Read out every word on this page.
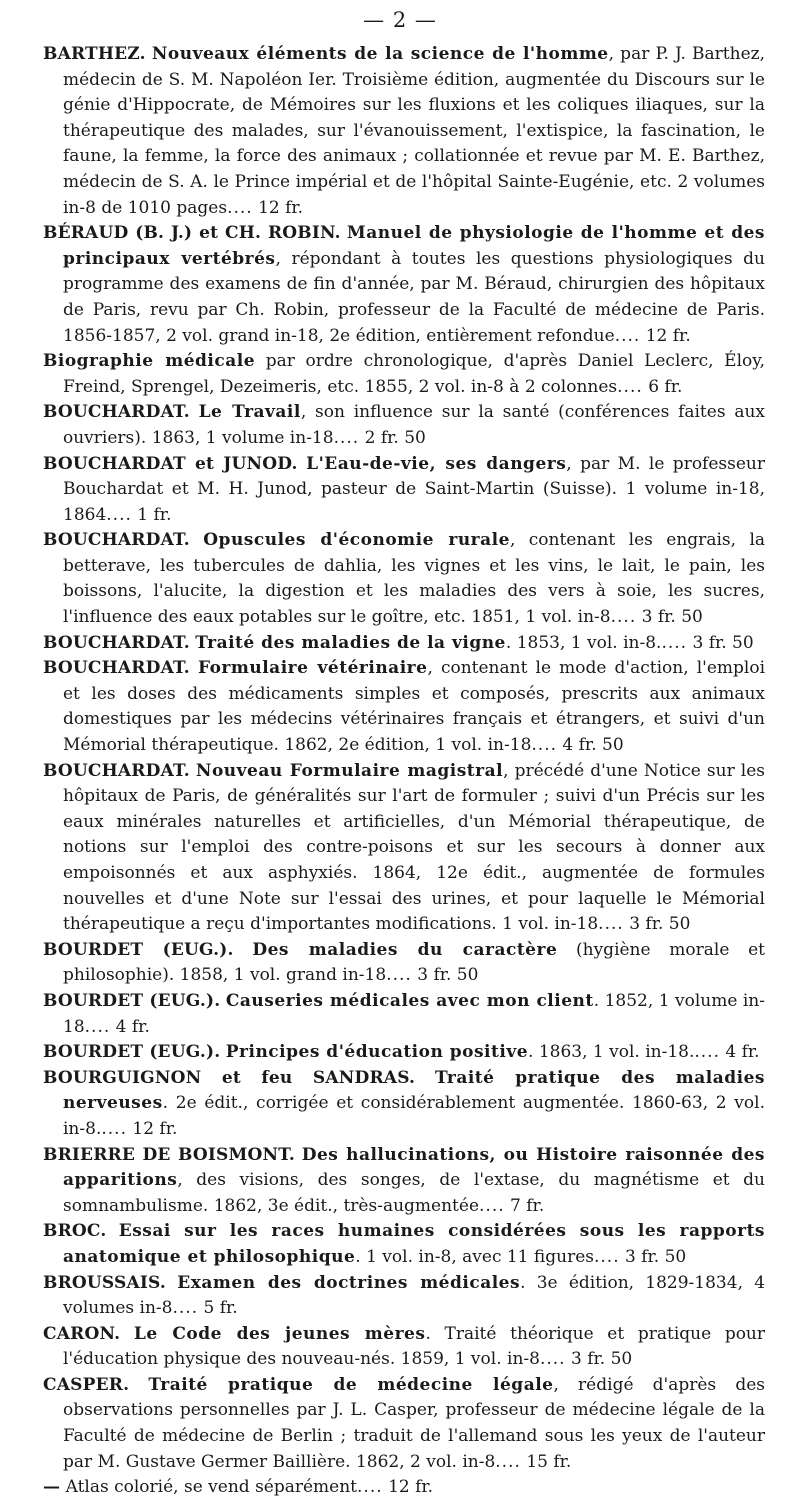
— 2 —

BARTHEZ. Nouveaux éléments de la science de l'homme, par P. J. Barthez, médecin de S. M. Napoléon Ier. Troisième édition, augmentée du Discours sur le génie d'Hippocrate, de Mémoires sur les fluxions et les coliques iliaques, sur la thérapeutique des malades, sur l'évanouissement, l'extispice, la fascination, le faune, la femme, la force des animaux ; collationnée et revue par M. E. Barthez, médecin de S. A. le Prince impérial et de l'hôpital Sainte-Eugénie, etc. 2 volumes in-8 de 1010 pages.... 12 fr.

BÉRAUD (B. J.) et CH. ROBIN. Manuel de physiologie de l'homme et des principaux vertébrés, répondant à toutes les questions physiologiques du programme des examens de fin d'année, par M. Béraud, chirurgien des hôpitaux de Paris, revu par Ch. Robin, professeur de la Faculté de médecine de Paris. 1856-1857, 2 vol. grand in-18, 2e édition, entièrement refondue.... 12 fr.

Biographie médicale par ordre chronologique, d'après Daniel Leclerc, Éloy, Freind, Sprengel, Dezeimeris, etc. 1855, 2 vol. in-8 à 2 colonnes.... 6 fr.

BOUCHARDAT. Le Travail, son influence sur la santé (conférences faites aux ouvriers). 1863, 1 volume in-18.... 2 fr. 50

BOUCHARDAT et JUNOD. L'Eau-de-vie, ses dangers, par M. le professeur Bouchardat et M. H. Junod, pasteur de Saint-Martin (Suisse). 1 volume in-18, 1864.... 1 fr.

BOUCHARDAT. Opuscules d'économie rurale, contenant les engrais, la betterave, les tubercules de dahlia, les vignes et les vins, le lait, le pain, les boissons, l'alucite, la digestion et les maladies des vers à soie, les sucres, l'influence des eaux potables sur le goître, etc. 1851, 1 vol. in-8.... 3 fr. 50

BOUCHARDAT. Traité des maladies de la vigne. 1853, 1 vol. in-8..... 3 fr. 50

BOUCHARDAT. Formulaire vétérinaire, contenant le mode d'action, l'emploi et les doses des médicaments simples et composés, prescrits aux animaux domestiques par les médecins vétérinaires français et étrangers, et suivi d'un Mémorial thérapeutique. 1862, 2e édition, 1 vol. in-18.... 4 fr. 50

BOUCHARDAT. Nouveau Formulaire magistral, précédé d'une Notice sur les hôpitaux de Paris, de généralités sur l'art de formuler ; suivi d'un Précis sur les eaux minérales naturelles et artificielles, d'un Mémorial thérapeutique, de notions sur l'emploi des contre-poisons et sur les secours à donner aux empoisonnés et aux asphyxiés. 1864, 12e édit., augmentée de formules nouvelles et d'une Note sur l'essai des urines, et pour laquelle le Mémorial thérapeutique a reçu d'importantes modifications. 1 vol. in-18.... 3 fr. 50

BOURDET (EUG.). Des maladies du caractère (hygiène morale et philosophie). 1858, 1 vol. grand in-18.... 3 fr. 50

BOURDET (EUG.). Causeries médicales avec mon client. 1852, 1 volume in-18.... 4 fr.

BOURDET (EUG.). Principes d'éducation positive. 1863, 1 vol. in-18..... 4 fr.

BOURGUIGNON et feu SANDRAS. Traité pratique des maladies nerveuses. 2e édit., corrigée et considérablement augmentée. 1860-63, 2 vol. in-8..... 12 fr.

BRIERRE DE BOISMONT. Des hallucinations, ou Histoire raisonnée des apparitions, des visions, des songes, de l'extase, du magnétisme et du somnambulisme. 1862, 3e édit., très-augmentée.... 7 fr.

BROC. Essai sur les races humaines considérées sous les rapports anatomique et philosophique. 1 vol. in-8, avec 11 figures.... 3 fr. 50

BROUSSAIS. Examen des doctrines médicales. 3e édition, 1829-1834, 4 volumes in-8.... 5 fr.

CARON. Le Code des jeunes mères. Traité théorique et pratique pour l'éducation physique des nouveau-nés. 1859, 1 vol. in-8.... 3 fr. 50

CASPER. Traité pratique de médecine légale, rédigé d'après des observations personnelles par J. L. Casper, professeur de médecine légale de la Faculté de médecine de Berlin ; traduit de l'allemand sous les yeux de l'auteur par M. Gustave Germer Baillière. 1862, 2 vol. in-8.... 15 fr.

— Atlas colorié, se vend séparément.... 12 fr.
